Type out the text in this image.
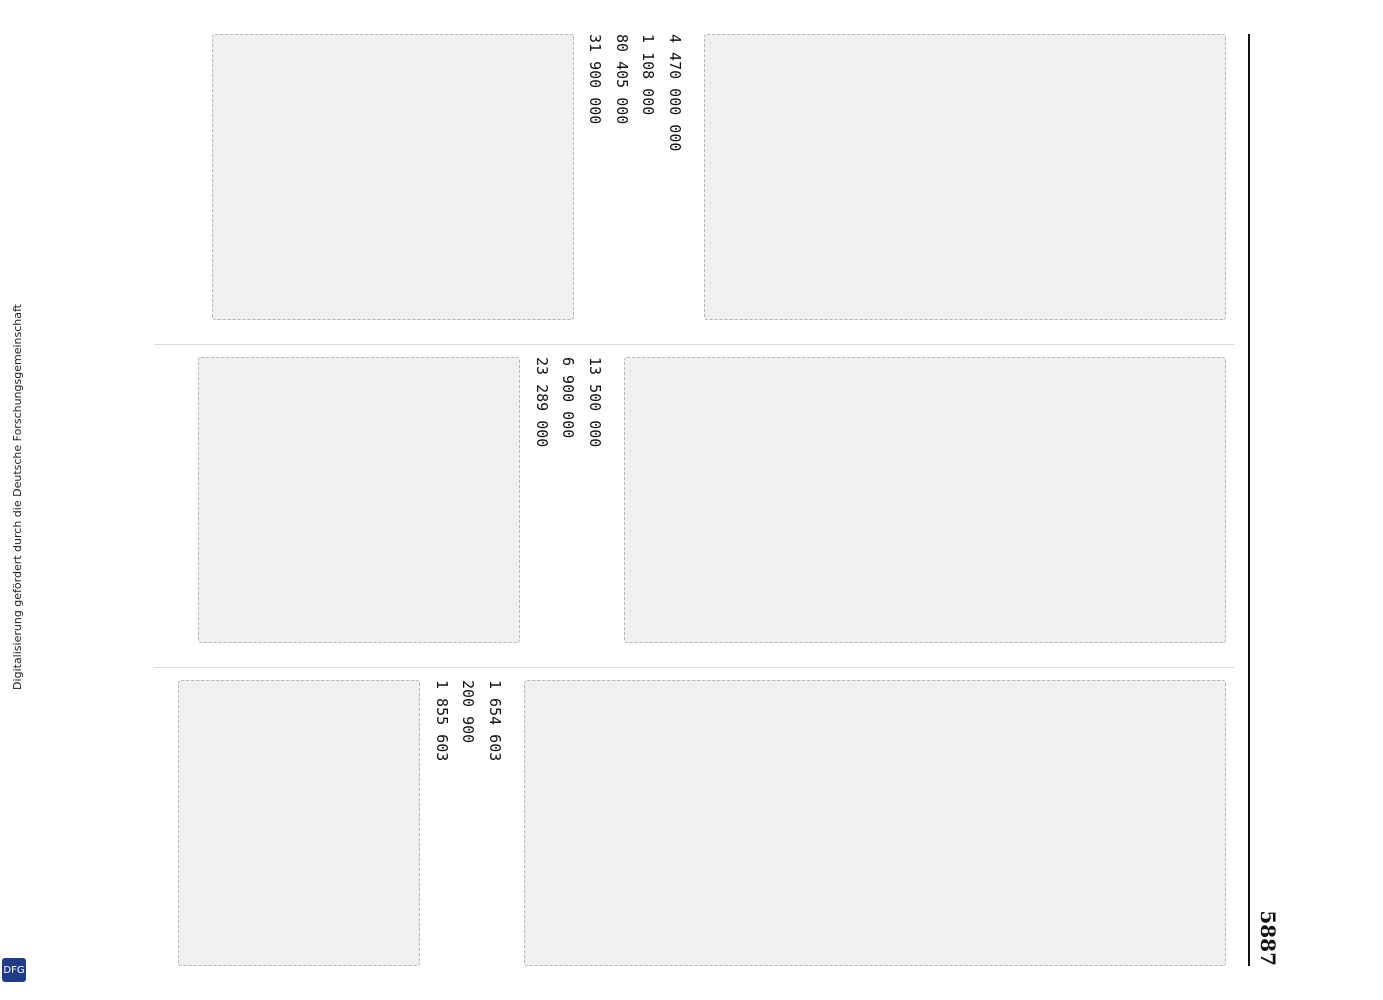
Digitalisierung gefördert durch die Deutsche Forschungsgemeinschaft
DFG
5887
4 470 000 000
1 108 000
80 405 000
31 900 000
13 500 000
6 900 000
23 289 000
1 654 603
200 900
1 855 603
